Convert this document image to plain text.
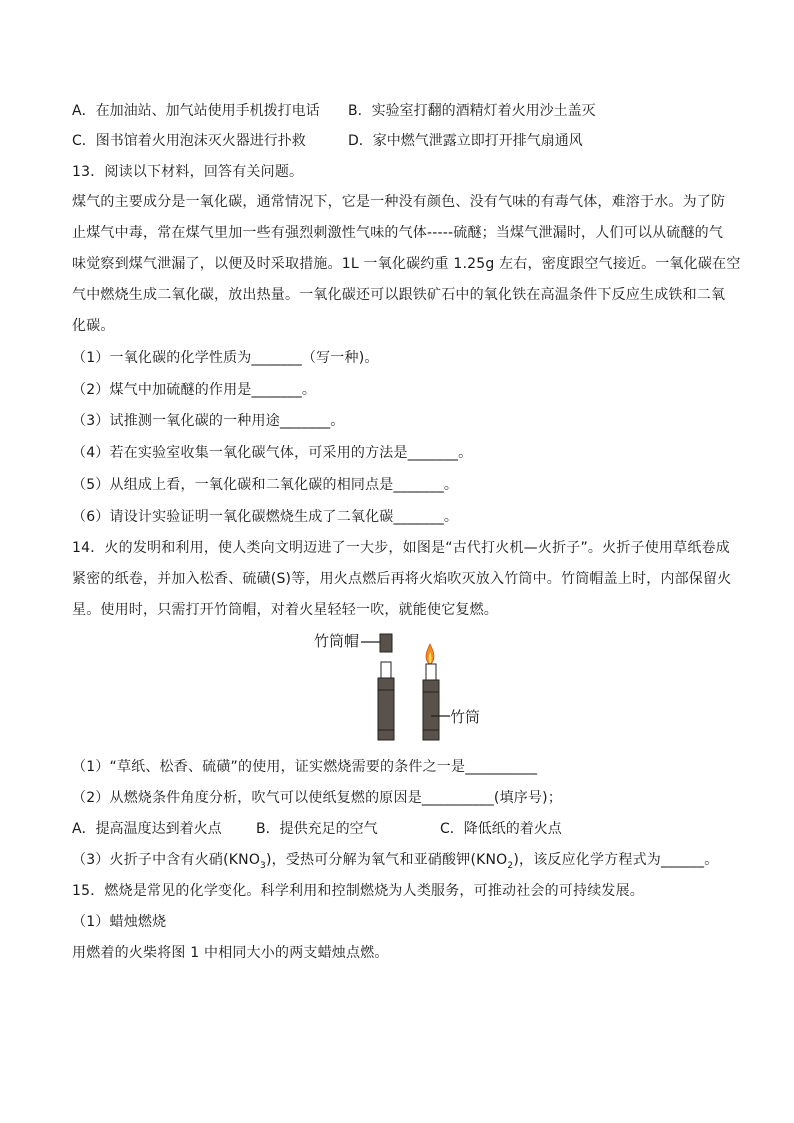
A．在加油站、加气站使用手机拨打电话 B．实验室打翻的酒精灯着火用沙土盖灭
C．图书馆着火用泡沫灭火器进行扑救	D．家中燃气泄露立即打开排气扇通风
13．阅读以下材料，回答有关问题。
煤气的主要成分是一氧化碳，通常情况下，它是一种没有颜色、没有气味的有毒气体，难溶于水。为了防
止煤气中毒，常在煤气里加一些有强烈刺激性气味的气体-----硫醚；当煤气泄漏时，人们可以从硫醚的气
味觉察到煤气泄漏了，以便及时采取措施。1L 一氧化碳约重 1.25g 左右，密度跟空气接近。一氧化碳在空
气中燃烧生成二氧化碳，放出热量。一氧化碳还可以跟铁矿石中的氧化铁在高温条件下反应生成铁和二氧
化碳。
（1）一氧化碳的化学性质为_______（写一种)。
（2）煤气中加硫醚的作用是_______。
（3）试推测一氧化碳的一种用途_______。
（4）若在实验室收集一氧化碳气体，可采用的方法是_______。
（5）从组成上看，一氧化碳和二氧化碳的相同点是_______。
（6）请设计实验证明一氧化碳燃烧生成了二氧化碳_______。
14．火的发明和利用，使人类向文明迈进了一大步，如图是“古代打火机—火折子”。火折子使用草纸卷成
紧密的纸卷，并加入松香、硫磺(S)等，用火点燃后再将火焰吹灭放入竹筒中。竹筒帽盖上时，内部保留火
星。使用时，只需打开竹筒帽，对着火星轻轻一吹，就能使它复燃。
竹筒帽
竹筒
（1）“草纸、松香、硫磺”的使用，证实燃烧需要的条件之一是__________
（2）从燃烧条件角度分析，吹气可以使纸复燃的原因是__________(填序号)；
A．提高温度达到着火点 B．提供充足的空气	C．降低纸的着火点
（3）火折子中含有火硝$(KNO_3)$，受热可分解为氧气和亚硝酸钾$(KNO_2)$，该反应化学方程式为______。
15．燃烧是常见的化学变化。科学利用和控制燃烧为人类服务，可推动社会的可持续发展。
（1）蜡烛燃烧
用燃着的火柴将图 1 中相同大小的两支蜡烛点燃。
